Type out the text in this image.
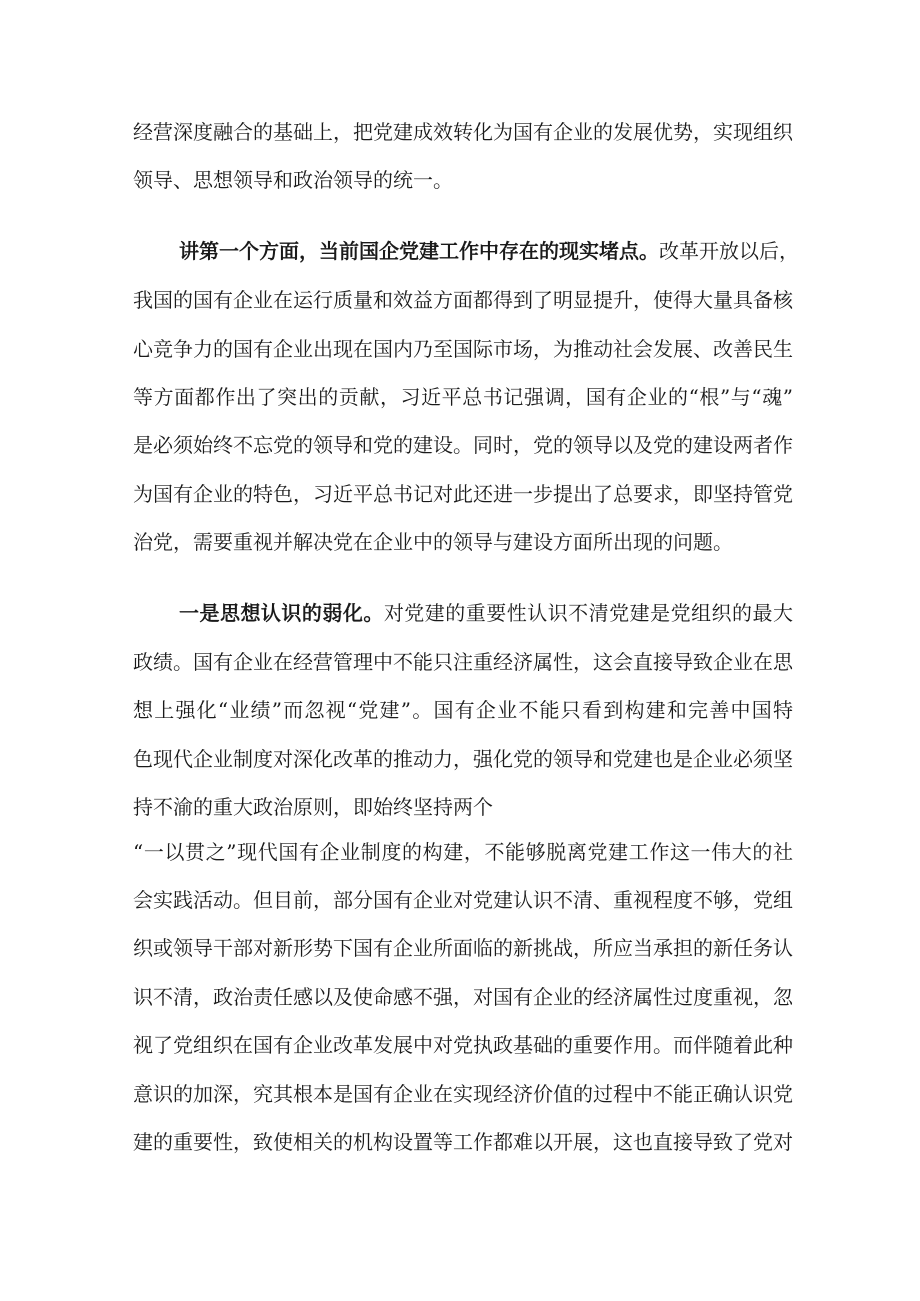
经营深度融合的基础上，把党建成效转化为国有企业的发展优势，实现组织
领导、思想领导和政治领导的统一。
讲第一个方面，当前国企党建工作中存在的现实堵点。改革开放以后，
我国的国有企业在运行质量和效益方面都得到了明显提升，使得大量具备核
心竞争力的国有企业出现在国内乃至国际市场，为推动社会发展、改善民生
等方面都作出了突出的贡献，习近平总书记强调，国有企业的“根”与“魂”
是必须始终不忘党的领导和党的建设。同时，党的领导以及党的建设两者作
为国有企业的特色，习近平总书记对此还进一步提出了总要求，即坚持管党
治党，需要重视并解决党在企业中的领导与建设方面所出现的问题。
一是思想认识的弱化。对党建的重要性认识不清党建是党组织的最大
政绩。国有企业在经营管理中不能只注重经济属性，这会直接导致企业在思
想上强化“业绩”而忽视“党建”。国有企业不能只看到构建和完善中国特
色现代企业制度对深化改革的推动力，强化党的领导和党建也是企业必须坚
持不渝的重大政治原则，即始终坚持两个
“一以贯之”现代国有企业制度的构建，不能够脱离党建工作这一伟大的社
会实践活动。但目前，部分国有企业对党建认识不清、重视程度不够，党组
织或领导干部对新形势下国有企业所面临的新挑战，所应当承担的新任务认
识不清，政治责任感以及使命感不强，对国有企业的经济属性过度重视，忽
视了党组织在国有企业改革发展中对党执政基础的重要作用。而伴随着此种
意识的加深，究其根本是国有企业在实现经济价值的过程中不能正确认识党
建的重要性，致使相关的机构设置等工作都难以开展，这也直接导致了党对
